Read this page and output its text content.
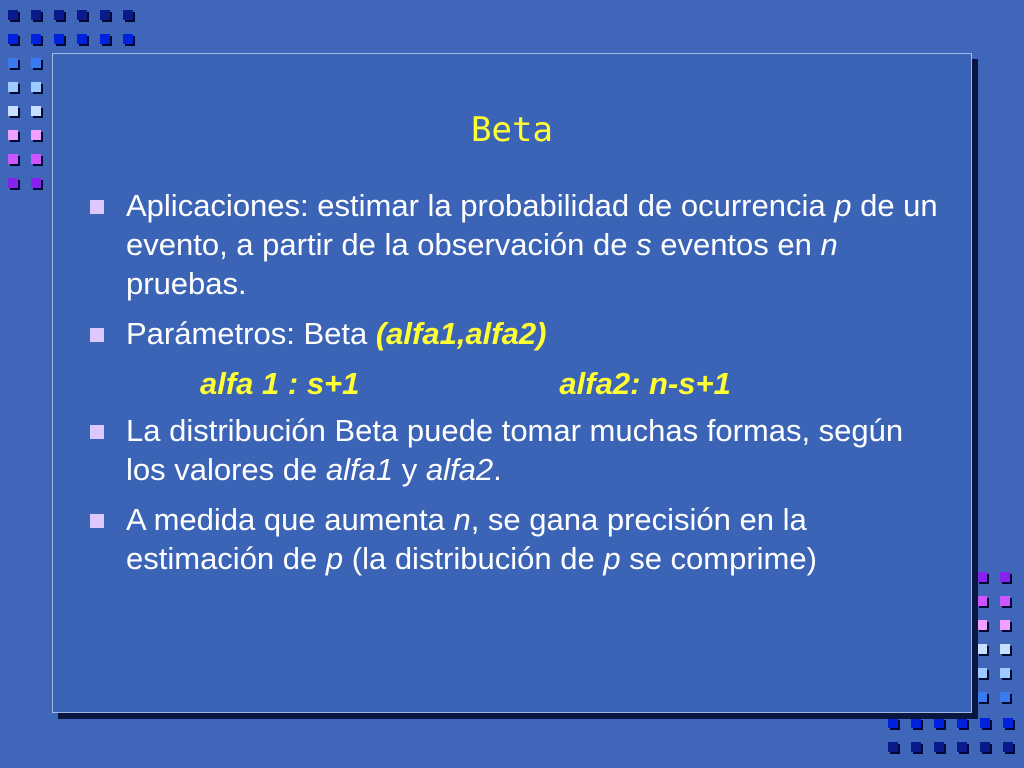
Beta
Aplicaciones: estimar la probabilidad de ocurrencia p de un evento, a partir de la observación de s eventos en n pruebas.
Parámetros: Beta (alfa1,alfa2)
alfa 1 : s+1	alfa2: n-s+1
La distribución Beta puede tomar muchas formas, según los valores de alfa1 y alfa2.
A medida que aumenta n, se gana precisión en la estimación de p (la distribución de p se comprime)
